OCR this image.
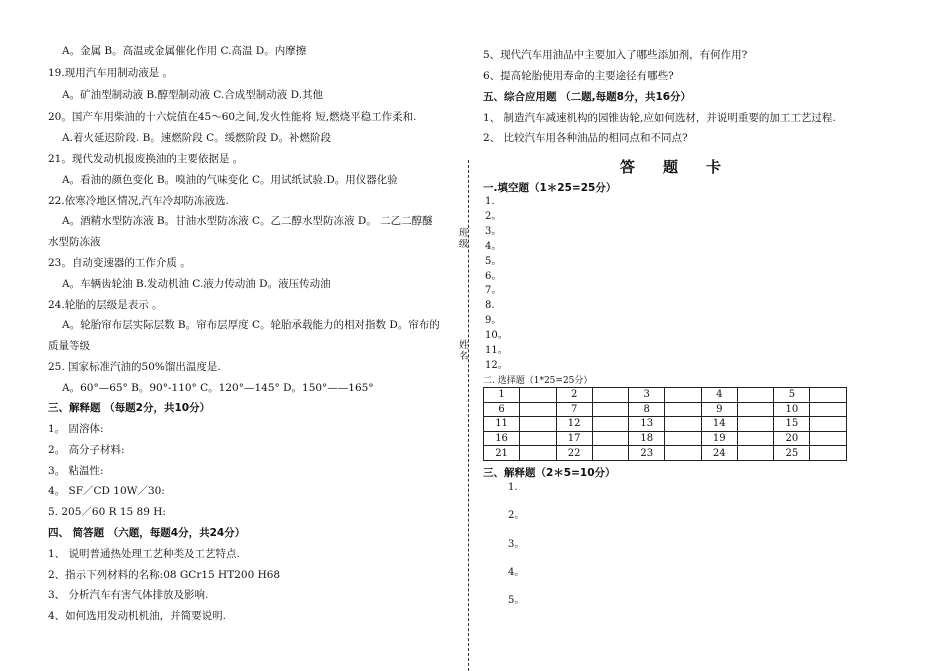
A。金属 B。高温或金属催化作用 C.高温 D。内摩擦
19.现用汽车用制动液是 。
A。矿油型制动液 B.醇型制动液 C.合成型制动液 D.其他
20。国产车用柴油的十六烷值在45～60之间,发火性能将 短,燃烧平稳工作柔和.
A.着火延迟阶段. B。速燃阶段 C。缓燃阶段 D。补燃阶段
21。现代发动机报废换油的主要依据是 。
A。看油的颜色变化 B。嗅油的气味变化 C。用试纸试验.D。用仪器化验
22.依寒冷地区情况,汽车冷却防冻液选.
A。酒精水型防冻液 B。甘油水型防冻液 C。乙二醇水型防冻液 D。 二乙二醇醚
水型防冻液
23。自动变速器的工作介质 。
A。车辆齿轮油 B.发动机油 C.液力传动油 D。液压传动油
24.轮胎的层级是表示 。
A。轮胎帘布层实际层数 B。帘布层厚度 C。轮胎承载能力的相对指数 D。帘布的
质量等级
25. 国家标准汽油的50%馏出温度是.
A。60°—65° B。90°-110° C。120°—145° D。150°——165°
三、解释题 （每题2分，共10分）
1。 固溶体:
2。 高分子材料:
3。 粘温性:
4。 SF／CD 10W／30:
5. 205／60 R 15 89 H:
四、 简答题 （六题，每题4分，共24分）
1、 说明普通热处理工艺种类及工艺特点.
2、指示下列材料的名称:08 GCr15 HT200 H68
3、 分析汽车有害气体排放及影响.
4、如何选用发动机机油，并简要说明.
班级
姓名
5、现代汽车用油品中主要加入了哪些添加剂，有何作用?
6、提高轮胎使用寿命的主要途径有哪些?
五、综合应用题 （二题,每题8分，共16分）
1、 制造汽车减速机构的园锥齿轮,应如何选材，并说明重要的加工工艺过程.
2、 比较汽车用各种油品的相同点和不同点?
答题卡
一.填空题（1＊25=25分）
1.
2。
3。
4。
5。
6。
7。
8.
9。
10。
11。
12。
二. 选择题（1*25=25分）
1		2		3		4		5	
6		7		8		9		10	
11		12		13		14		15	
16		17		18		19		20	
21		22		23		24		25	
三、解释题（2＊5=10分）
1.
2。
3。
4。
5。
